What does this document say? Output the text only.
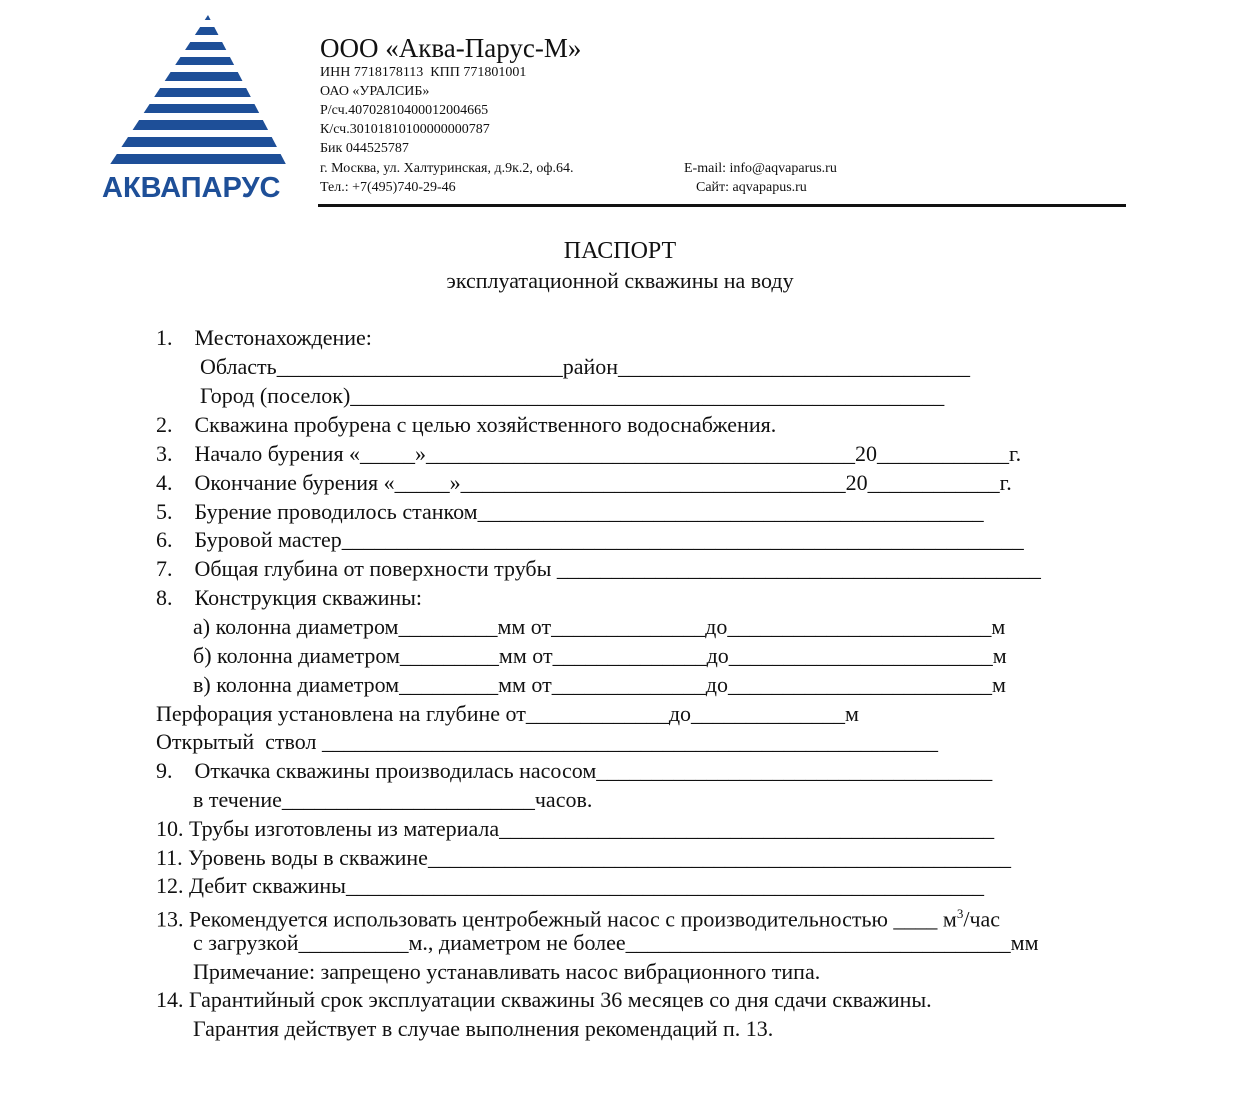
АКВАПАРУС
ООО «Аква-Парус-М»
ИНН 7718178113  КПП 771801001
ОАО «УРАЛСИБ»
Р/сч.40702810400012004665
К/сч.30101810100000000787
Бик 044525787
г. Москва, ул. Халтуринская, д.9к.2, оф.64.	E-mail: info@aqvaparus.ru
Тел.: +7(495)740-29-46	Сайт: aqvapapus.ru
ПАСПОРТ
эксплуатационной скважины на воду
1.    Местонахождение:
Область__________________________район________________________________
Город (поселок)______________________________________________________
2.    Скважина пробурена с целью хозяйственного водоснабжения.
3.    Начало бурения «_____»_______________________________________20____________г.
4.    Окончание бурения «_____»___________________________________20____________г.
5.    Бурение проводилось станком______________________________________________
6.    Буровой мастер______________________________________________________________
7.    Общая глубина от поверхности трубы ____________________________________________
8.    Конструкция скважины:
а) колонна диаметром_________мм от______________до________________________м
б) колонна диаметром_________мм от______________до________________________м
в) колонна диаметром_________мм от______________до________________________м
Перфорация установлена на глубине от_____________до______________м
Открытый  ствол ________________________________________________________
9.    Откачка скважины производилась насосом____________________________________
в течение_______________________часов.
10. Трубы изготовлены из материала_____________________________________________
11. Уровень воды в скважине_____________________________________________________
12. Дебит скважины__________________________________________________________
13. Рекомендуется использовать центробежный насос с производительностью ____ $м^3$/час
с загрузкой__________м., диаметром не более___________________________________мм
Примечание: запрещено устанавливать насос вибрационного типа.
14. Гарантийный срок эксплуатации скважины 36 месяцев со дня сдачи скважины.
Гарантия действует в случае выполнения рекомендаций п. 13.
